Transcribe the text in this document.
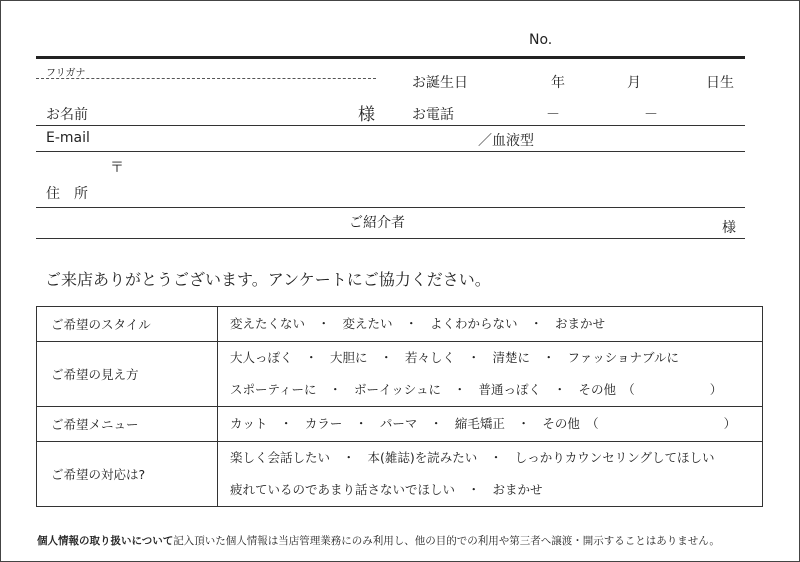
No.
フリガナ
お名前	様
お誕生日	年	月	日生
お電話	－	－
E-mail	／血液型
〒
住　所
ご紹介者	様
ご来店ありがとうございます。アンケートにご協力ください。
ご希望のスタイル	変えたくない　・　変えたい　・　よくわからない　・　おまかせ

ご希望の見え方	大人っぽく　・　大胆に　・　若々しく　・　清楚に　・　ファッショナブルに
スポーティーに　・　ボーイッシュに　・　普通っぽく　・　その他　（　　　　　　）

ご希望メニュー	カット　・　カラー　・　パーマ　・　縮毛矯正　・　その他　（　　　　　　　　　　）

ご希望の対応は?	楽しく会話したい　・　本(雑誌)を読みたい　・　しっかりカウンセリングしてほしい
疲れているのであまり話さないでほしい　・　おまかせ
個人情報の取り扱いについて記入頂いた個人情報は当店管理業務にのみ利用し、他の目的での利用や第三者へ譲渡・開示することはありません。
